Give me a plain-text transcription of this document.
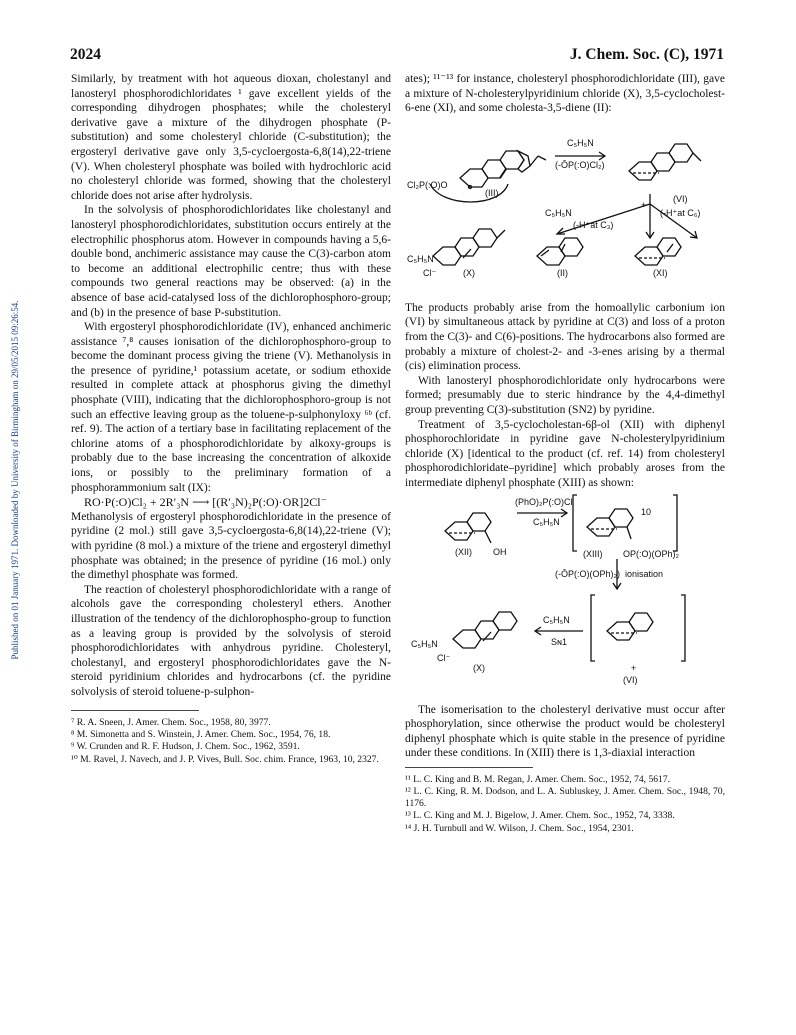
Published on 01 January 1971. Downloaded by University of Birmingham on 29/05/2015 09:26:54.
2024	J. Chem. Soc. (C), 1971

Similarly, by treatment with hot aqueous dioxan, cholestanyl and lanosteryl phosphorodichloridates ¹ gave excellent yields of the corresponding dihydrogen phosphates; while the cholesteryl derivative gave a mixture of the dihydrogen phosphate (P-substitution) and some cholesteryl chloride (C-substitution); the ergosteryl derivative gave only 3,5-cycloergosta-6,8(14),22-triene (V). When cholesteryl phosphate was boiled with hydrochloric acid no cholesteryl chloride was formed, showing that the cholesteryl chloride does not arise after hydrolysis.

In the solvolysis of phosphorodichloridates like cholestanyl and lanosteryl phosphorodichloridates, substitution occurs entirely at the electrophilic phosphorus atom. However in compounds having a 5,6-double bond, anchimeric assistance may cause the C(3)-carbon atom to become an additional electrophilic centre; thus with these compounds two general reactions may be observed: (a) in the absence of base acid-catalysed loss of the dichlorophosphoro-group; and (b) in the presence of base P-substitution.

With ergosteryl phosphorodichloridate (IV), enhanced anchimeric assistance ⁷,⁸ causes ionisation of the dichlorophosphoro-group to become the dominant process giving the triene (V). Methanolysis in the presence of pyridine,¹ potassium acetate, or sodium ethoxide resulted in complete attack at phosphorus giving the dimethyl phosphate (VIII), indicating that the dichlorophosphoro-group is not such an effective leaving group as the toluene-p-sulphonyloxy ⁶ᵇ (cf. ref. 9). The action of a tertiary base in facilitating replacement of the chlorine atoms of a phosphorodichloridate by alkoxy-groups is probably due to the base increasing the concentration of alkoxide ions, or possibly to the preliminary formation of a phosphorammonium salt (IX):

RO·P(:O)Cl₂ + 2R′₃N ⟶ [(R′₃N)₂P(:O)·OR]2Cl⁻

Methanolysis of ergosteryl phosphorodichloridate in the presence of pyridine (2 mol.) still gave 3,5-cycloergosta-6,8(14),22-triene (V); with pyridine (8 mol.) a mixture of the triene and ergosteryl dimethyl phosphate was obtained; in the presence of pyridine (16 mol.) only the dimethyl phosphate was formed.

The reaction of cholesteryl phosphorodichloridate with a range of alcohols gave the corresponding cholesteryl ethers. Another illustration of the tendency of the dichlorophospho-group to function as a leaving group is provided by the solvolysis of steroid phosphorodichloridates with anhydrous pyridine. Cholesteryl, cholestanyl, and ergosteryl phosphorodichloridates gave the N-steroid pyridinium chlorides and hydrocarbons (cf. the pyridine solvolysis of steroid toluene-p-sulphon-

⁷ R. A. Sneen, J. Amer. Chem. Soc., 1958, 80, 3977.
⁸ M. Simonetta and S. Winstein, J. Amer. Chem. Soc., 1954, 76, 18.
⁹ W. Crunden and R. F. Hudson, J. Chem. Soc., 1962, 3591.
¹⁰ M. Ravel, J. Navech, and J. P. Vives, Bull. Soc. chim. France, 1963, 10, 2327.

ates); ¹¹⁻¹³ for instance, cholesteryl phosphorodichloridate (III), gave a mixture of N-cholesterylpyridinium chloride (X), 3,5-cyclocholest-6-ene (XI), and some cholesta-3,5-diene (II):

C₅H₅N
(-ŌP(:O)Cl₂)
Cl₂P(:O)O
(III)
C₅H₅N
(-H⁺at C₃)
(-H⁺at C₆)
+
(VI)
C₅H₅N
Cl⁻	(X)	(II)	(XI)

The products probably arise from the homoallylic carbonium ion (VI) by simultaneous attack by pyridine at C(3) and loss of a proton from the C(3)- and C(6)-positions. The hydrocarbons also formed are probably a mixture of cholest-2- and -3-enes arising by a thermal (cis) elimination process.

With lanosteryl phosphorodichloridate only hydrocarbons were formed; presumably due to steric hindrance by the 4,4-dimethyl group preventing C(3)-substitution (SN2) by pyridine.

Treatment of 3,5-cyclocholestan-6β-ol (XII) with diphenyl phosphorochloridate in pyridine gave N-cholesterylpyridinium chloride (X) [identical to the product (cf. ref. 14) from cholesteryl phosphorodichloridate–pyridine] which probably aroses from the intermediate diphenyl phosphate (XIII) as shown:

(PhO)₂P(:O)Cl
C₅H₅N
(XII) OH	(XIII) OP(:O)(OPh)₂
10
(-ŌP(:O)(OPh)₂) ionisation
C₅H₅N
Sɴ1
C₅H₅N
Cl⁻
(X)	+
(VI)

The isomerisation to the cholesteryl derivative must occur after phosphorylation, since otherwise the product would be cholesteryl diphenyl phosphate which is quite stable in the presence of pyridine under these conditions. In (XIII) there is 1,3-diaxial interaction

¹¹ L. C. King and B. M. Regan, J. Amer. Chem. Soc., 1952, 74, 5617.
¹² L. C. King, R. M. Dodson, and L. A. Subluskey, J. Amer. Chem. Soc., 1948, 70, 1176.
¹³ L. C. King and M. J. Bigelow, J. Amer. Chem. Soc., 1952, 74, 3338.
¹⁴ J. H. Turnbull and W. Wilson, J. Chem. Soc., 1954, 2301.
